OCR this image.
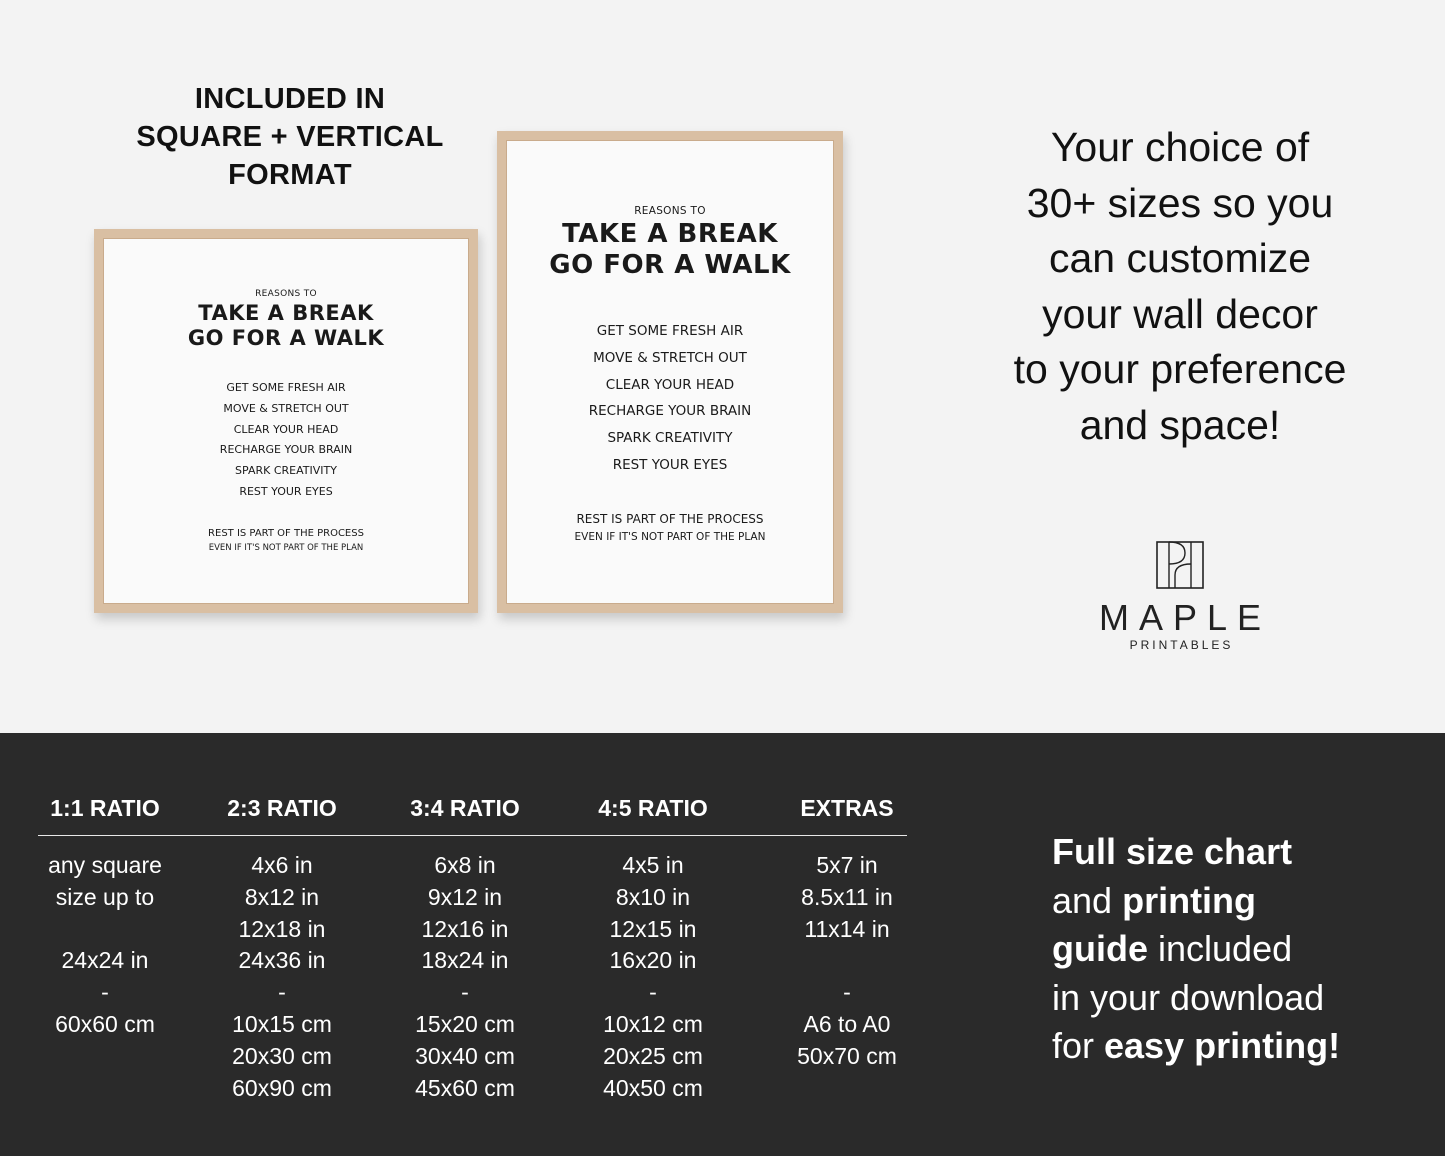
INCLUDED IN
SQUARE + VERTICAL
FORMAT
REASONS TO
TAKE A BREAK
GO FOR A WALK
GET SOME FRESH AIR
MOVE & STRETCH OUT
CLEAR YOUR HEAD
RECHARGE YOUR BRAIN
SPARK CREATIVITY
REST YOUR EYES
REST IS PART OF THE PROCESS
EVEN IF IT'S NOT PART OF THE PLAN
REASONS TO
TAKE A BREAK
GO FOR A WALK
GET SOME FRESH AIR
MOVE & STRETCH OUT
CLEAR YOUR HEAD
RECHARGE YOUR BRAIN
SPARK CREATIVITY
REST YOUR EYES
REST IS PART OF THE PROCESS
EVEN IF IT'S NOT PART OF THE PLAN
Your choice of
30+ sizes so you
can customize
your wall decor
to your preference
and space!
MAPLE
PRINTABLES
1:1 RATIO
any square
size up to
24x24 in
-
60x60 cm
2:3 RATIO
4x6 in
8x12 in
12x18 in
24x36 in
-
10x15 cm
20x30 cm
60x90 cm
3:4 RATIO
6x8 in
9x12 in
12x16 in
18x24 in
-
15x20 cm
30x40 cm
45x60 cm
4:5 RATIO
4x5 in
8x10 in
12x15 in
16x20 in
-
10x12 cm
20x25 cm
40x50 cm
EXTRAS
5x7 in
8.5x11 in
11x14 in
-
A6 to A0
50x70 cm
Full size chart
and printing
guide included
in your download
for easy printing!
